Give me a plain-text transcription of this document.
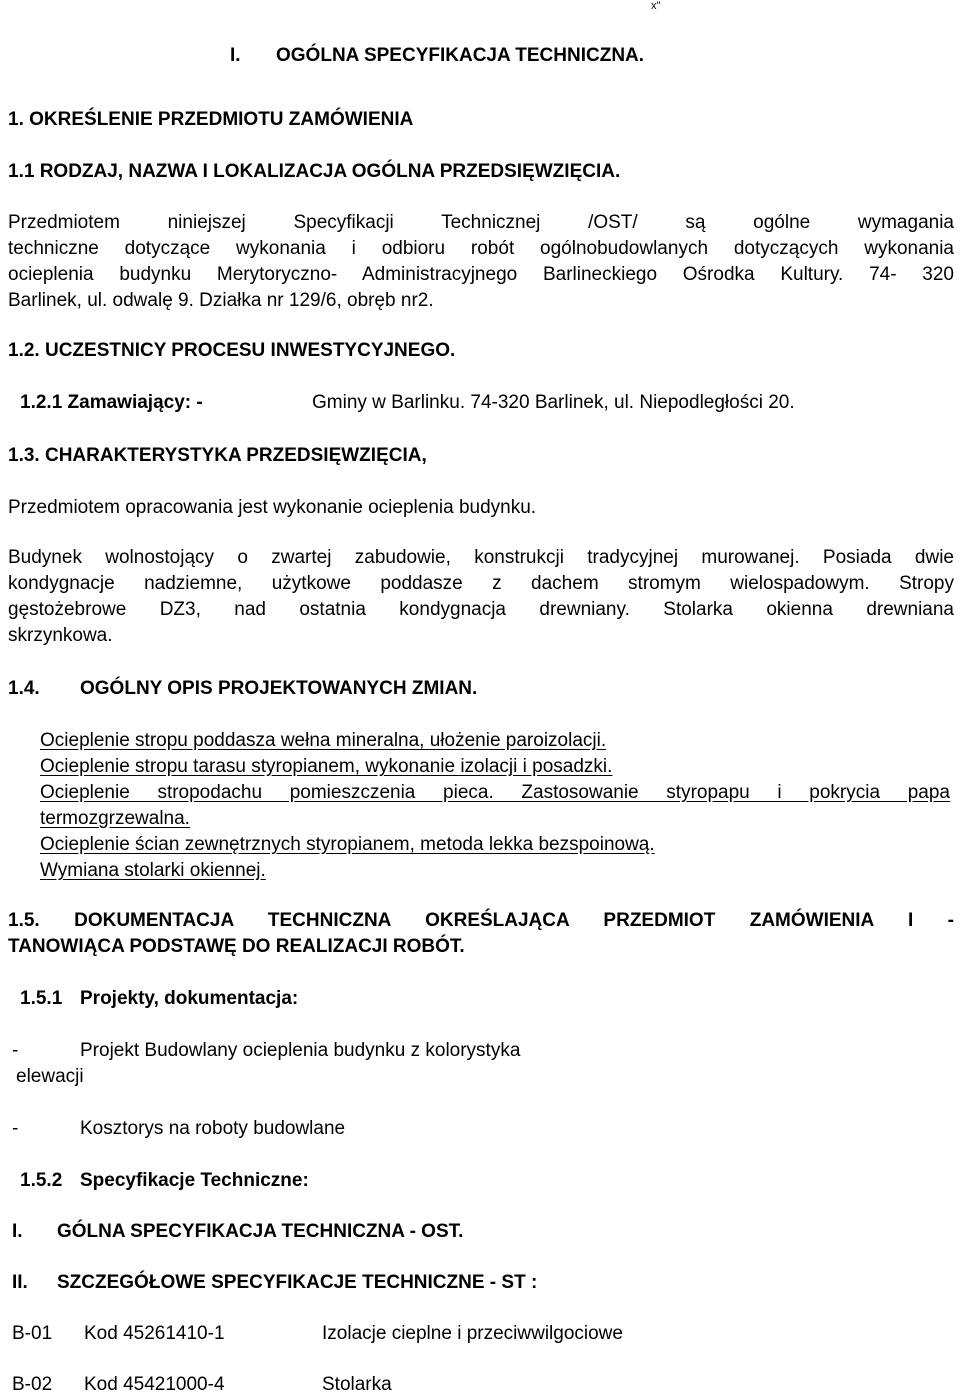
x"
I. OGÓLNA SPECYFIKACJA TECHNICZNA.
1. OKREŚLENIE PRZEDMIOTU ZAMÓWIENIA
1.1 RODZAJ, NAZWA I LOKALIZACJA OGÓLNA PRZEDSIĘWZIĘCIA.
Przedmiotem niniejszej Specyfikacji Technicznej /OST/ są ogólne wymagania
techniczne dotyczące wykonania i odbioru robót ogólnobudowlanych dotyczących wykonania
ocieplenia budynku Merytoryczno- Administracyjnego Barlineckiego Ośrodka Kultury. 74- 320
Barlinek, ul. odwalę 9. Działka nr 129/6, obręb nr2.
1.2. UCZESTNICY PROCESU INWESTYCYJNEGO.
1.2.1 Zamawiający: -	Gminy w Barlinku. 74-320 Barlinek, ul. Niepodległości 20.
1.3. CHARAKTERYSTYKA PRZEDSIĘWZIĘCIA,
Przedmiotem opracowania jest wykonanie ocieplenia budynku.
Budynek wolnostojący o zwartej zabudowie, konstrukcji tradycyjnej murowanej. Posiada dwie
kondygnacje nadziemne, użytkowe poddasze z dachem stromym wielospadowym. Stropy
gęstożebrowe DZ3, nad ostatnia kondygnacja drewniany. Stolarka okienna drewniana
skrzynkowa.
1.4. OGÓLNY OPIS PROJEKTOWANYCH ZMIAN.
Ocieplenie stropu poddasza wełna mineralna, ułożenie paroizolacji.
Ocieplenie stropu tarasu styropianem, wykonanie izolacji i posadzki.
Ocieplenie stropodachu pomieszczenia pieca. Zastosowanie styropapu i pokrycia papa
termozgrzewalna.
Ocieplenie ścian zewnętrznych styropianem, metoda lekka bezspoinową.
Wymiana stolarki okiennej.
1.5. DOKUMENTACJA TECHNICZNA OKREŚLAJĄCA PRZEDMIOT ZAMÓWIENIA I -
TANOWIĄCA PODSTAWĘ DO REALIZACJI ROBÓT.
1.5.1 Projekty, dokumentacja:
-	Projekt Budowlany ocieplenia budynku z kolorystyka
elewacji
-	Kosztorys na roboty budowlane
1.5.2 Specyfikacje Techniczne:
I. GÓLNA SPECYFIKACJA TECHNICZNA - OST.
II. SZCZEGÓŁOWE SPECYFIKACJE TECHNICZNE - ST :
B-01 Kod 45261410-1	Izolacje cieplne i przeciwwilgociowe
B-02 Kod 45421000-4	Stolarka
